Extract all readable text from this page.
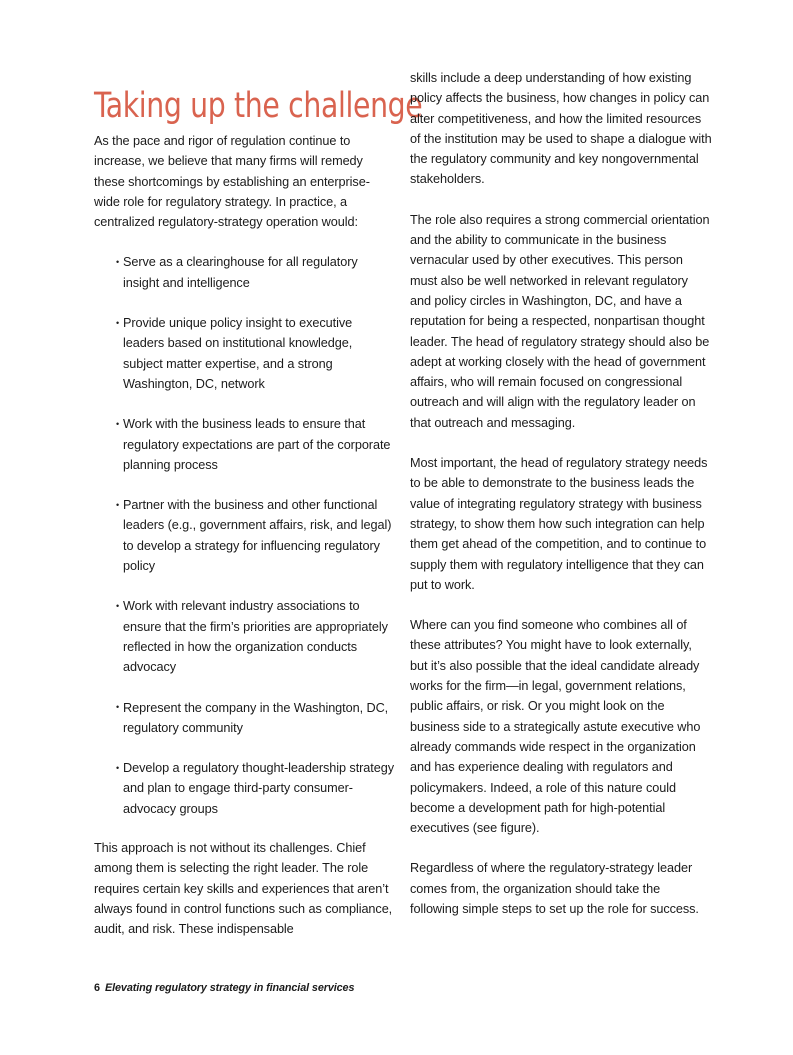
Taking up the challenge

As the pace and rigor of regulation continue to increase, we believe that many firms will remedy these shortcomings by establishing an enterprise-wide role for regulatory strategy. In practice, a centralized regulatory-strategy operation would:

• Serve as a clearinghouse for all regulatory insight and intelligence
• Provide unique policy insight to executive leaders based on institutional knowledge, subject matter expertise, and a strong Washington, DC, network
• Work with the business leads to ensure that regulatory expectations are part of the corporate planning process
• Partner with the business and other functional leaders (e.g., government affairs, risk, and legal) to develop a strategy for influencing regulatory policy
• Work with relevant industry associations to ensure that the firm’s priorities are appropriately reflected in how the organization conducts advocacy
• Represent the company in the Washington, DC, regulatory community
• Develop a regulatory thought-leadership strategy and plan to engage third-party consumer-advocacy groups

This approach is not without its challenges. Chief among them is selecting the right leader. The role requires certain key skills and experiences that aren’t always found in control functions such as compliance, audit, and risk. These indispensable

skills include a deep understanding of how existing policy affects the business, how changes in policy can alter competitiveness, and how the limited resources of the institution may be used to shape a dialogue with the regulatory community and key nongovernmental stakeholders.

The role also requires a strong commercial orientation and the ability to communicate in the business vernacular used by other executives. This person must also be well networked in relevant regulatory and policy circles in Washington, DC, and have a reputation for being a respected, nonpartisan thought leader. The head of regulatory strategy should also be adept at working closely with the head of government affairs, who will remain focused on congressional outreach and will align with the regulatory leader on that outreach and messaging.

Most important, the head of regulatory strategy needs to be able to demonstrate to the business leads the value of integrating regulatory strategy with business strategy, to show them how such integration can help them get ahead of the competition, and to continue to supply them with regulatory intelligence that they can put to work.

Where can you find someone who combines all of these attributes? You might have to look externally, but it’s also possible that the ideal candidate already works for the firm—in legal, government relations, public affairs, or risk. Or you might look on the business side to a strategically astute executive who already commands wide respect in the organization and has experience dealing with regulators and policymakers. Indeed, a role of this nature could become a development path for high-potential executives (see figure).

Regardless of where the regulatory-strategy leader comes from, the organization should take the following simple steps to set up the role for success.

6 Elevating regulatory strategy in financial services
